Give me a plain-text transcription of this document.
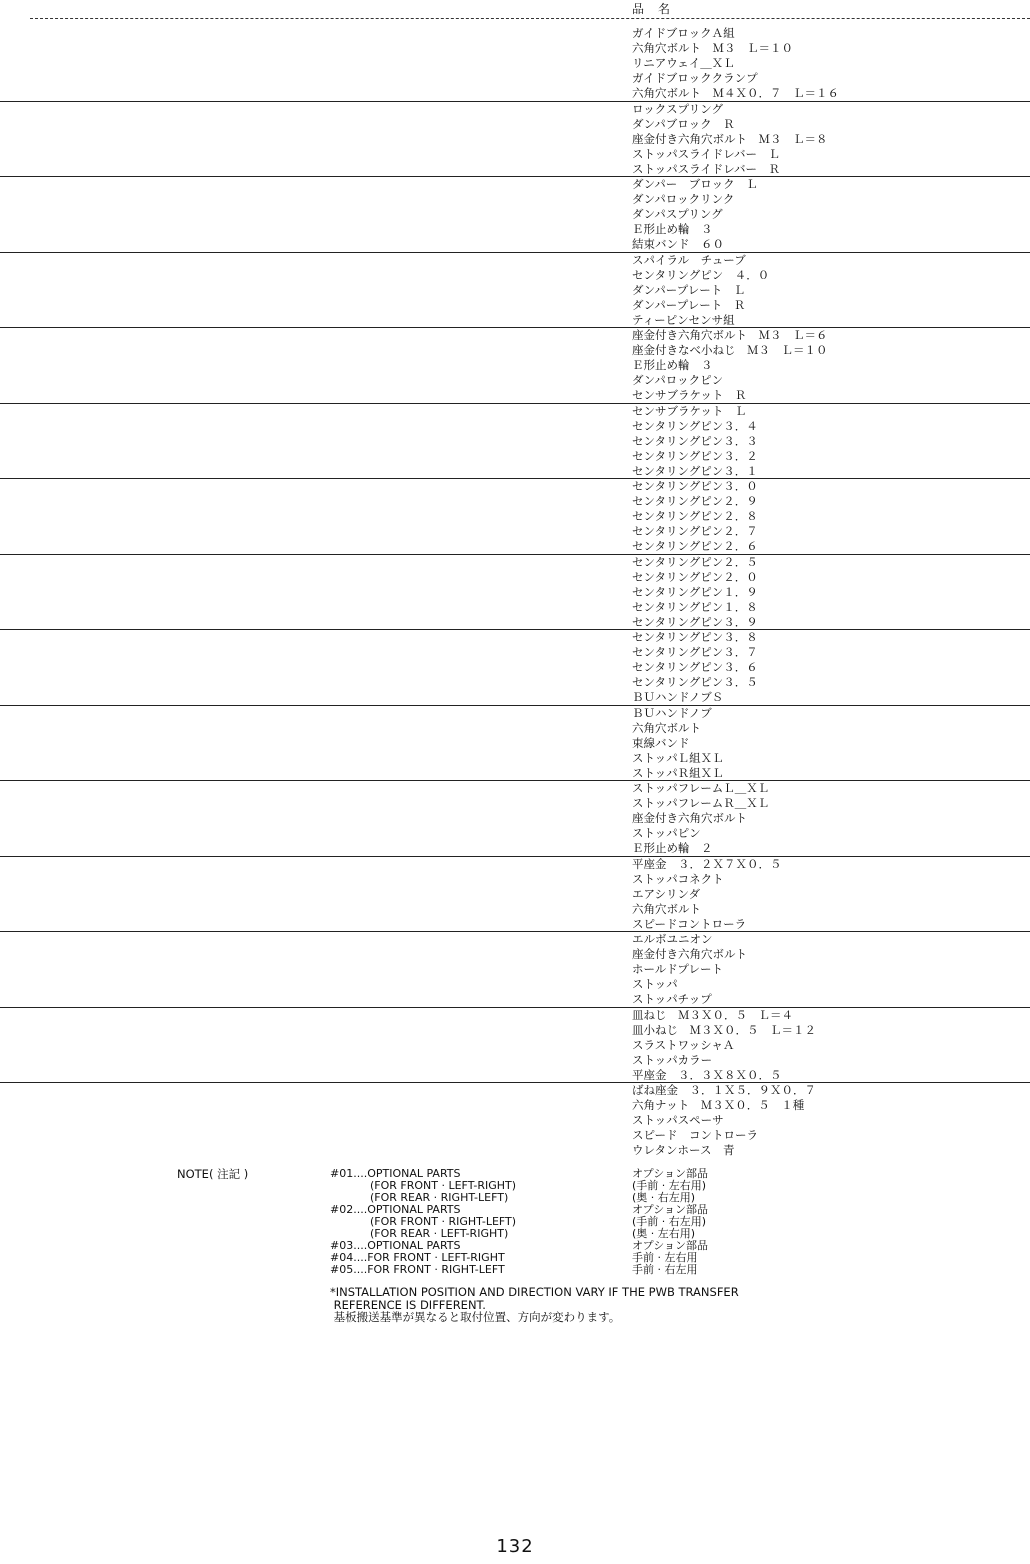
品　名
ガイドブロックＡ組
六角穴ボルト　Ｍ３　Ｌ＝１０
リニアウェイ＿ＸＬ
ガイドブロッククランプ
六角穴ボルト　Ｍ４Ｘ０．７　Ｌ＝１６
ロックスプリング
ダンパブロック　Ｒ
座金付き六角穴ボルト　Ｍ３　Ｌ＝８
ストッパスライドレバー　Ｌ
ストッパスライドレバー　Ｒ
ダンパー　ブロック　Ｌ
ダンパロックリンク
ダンパスプリング
Ｅ形止め輪　３
結束バンド　６０
スパイラル　チューブ
センタリングピン　４．０
ダンパープレート　Ｌ
ダンパープレート　Ｒ
ティーピンセンサ組
座金付き六角穴ボルト　Ｍ３　Ｌ＝６
座金付きなべ小ねじ　Ｍ３　Ｌ＝１０
Ｅ形止め輪　３
ダンパロックピン
センサブラケット　Ｒ
センサブラケット　Ｌ
センタリングピン３．４
センタリングピン３．３
センタリングピン３．２
センタリングピン３．１
センタリングピン３．０
センタリングピン２．９
センタリングピン２．８
センタリングピン２．７
センタリングピン２．６
センタリングピン２．５
センタリングピン２．０
センタリングピン１．９
センタリングピン１．８
センタリングピン３．９
センタリングピン３．８
センタリングピン３．７
センタリングピン３．６
センタリングピン３．５
ＢＵハンドノブＳ
ＢＵハンドノブ
六角穴ボルト
束線バンド
ストッパＬ組ＸＬ
ストッパＲ組ＸＬ
ストッパフレームＬ＿ＸＬ
ストッパフレームＲ＿ＸＬ
座金付き六角穴ボルト
ストッパピン
Ｅ形止め輪　２
平座金　３．２Ｘ７Ｘ０．５
ストッパコネクト
エアシリンダ
六角穴ボルト
スピードコントローラ
エルボユニオン
座金付き六角穴ボルト
ホールドプレート
ストッパ
ストッパチップ
皿ねじ　Ｍ３Ｘ０．５　Ｌ＝４
皿小ねじ　Ｍ３Ｘ０．５　Ｌ＝１２
スラストワッシャＡ
ストッパカラー
平座金　３．３Ｘ８Ｘ０．５
ばね座金　３．１Ｘ５．９Ｘ０．７
六角ナット　Ｍ３Ｘ０．５　１種
ストッパスペーサ
スピード　コントローラ
ウレタンホース　青
NOTE( 注記 )	#01....OPTIONAL PARTS	オプション部品
(FOR FRONT · LEFT-RIGHT)	(手前 · 左右用)
(FOR REAR · RIGHT-LEFT)	(奥 · 右左用)
#02....OPTIONAL PARTS	オプション部品
(FOR FRONT · RIGHT-LEFT)	(手前 · 右左用)
(FOR REAR · LEFT-RIGHT)	(奥 · 左右用)
#03....OPTIONAL PARTS	オプション部品
#04....FOR FRONT · LEFT-RIGHT	手前 · 左右用
#05....FOR FRONT · RIGHT-LEFT	手前 · 右左用
*INSTALLATION POSITION AND DIRECTION VARY IF THE PWB TRANSFER
REFERENCE IS DIFFERENT.
基板搬送基準が異なると取付位置、方向が変わります。
132
